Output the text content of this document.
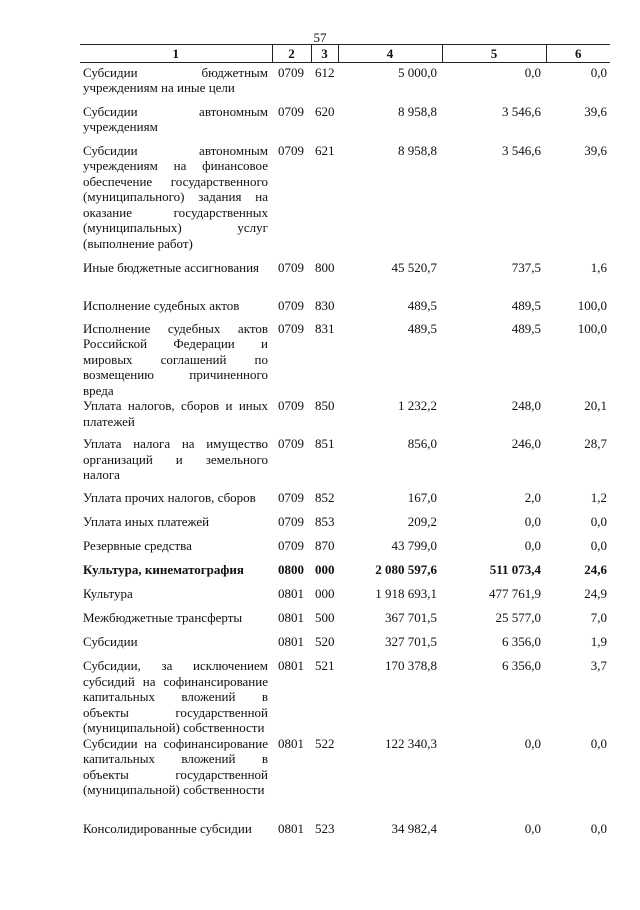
57
1	2	3	4	5	6
Субсидии бюджетным учреждениям на иные цели	0709	612	5 000,0	0,0	0,0
Субсидии автономным учреждениям	0709	620	8 958,8	3 546,6	39,6
Субсидии автономным учреждениям на финансовое обеспечение государственного (муниципального) задания на оказание государственных (муниципальных) услуг (выполнение работ)	0709	621	8 958,8	3 546,6	39,6
Иные бюджетные ассигнования	0709	800	45 520,7	737,5	1,6
Исполнение судебных актов	0709	830	489,5	489,5	100,0
Исполнение судебных актов Российской Федерации и мировых соглашений по возмещению причиненного вреда	0709	831	489,5	489,5	100,0
Уплата налогов, сборов и иных платежей	0709	850	1 232,2	248,0	20,1
Уплата налога на имущество организаций и земельного налога	0709	851	856,0	246,0	28,7
Уплата прочих налогов, сборов	0709	852	167,0	2,0	1,2
Уплата иных платежей	0709	853	209,2	0,0	0,0
Резервные средства	0709	870	43 799,0	0,0	0,0
Культура, кинематография	0800	000	2 080 597,6	511 073,4	24,6
Культура	0801	000	1 918 693,1	477 761,9	24,9
Межбюджетные трансферты	0801	500	367 701,5	25 577,0	7,0
Субсидии	0801	520	327 701,5	6 356,0	1,9
Субсидии, за исключением субсидий на софинансирование капитальных вложений в объекты государственной (муниципальной) собственности	0801	521	170 378,8	6 356,0	3,7
Субсидии на софинансирование капитальных вложений в объекты государственной (муниципальной) собственности	0801	522	122 340,3	0,0	0,0
Консолидированные субсидии	0801	523	34 982,4	0,0	0,0
